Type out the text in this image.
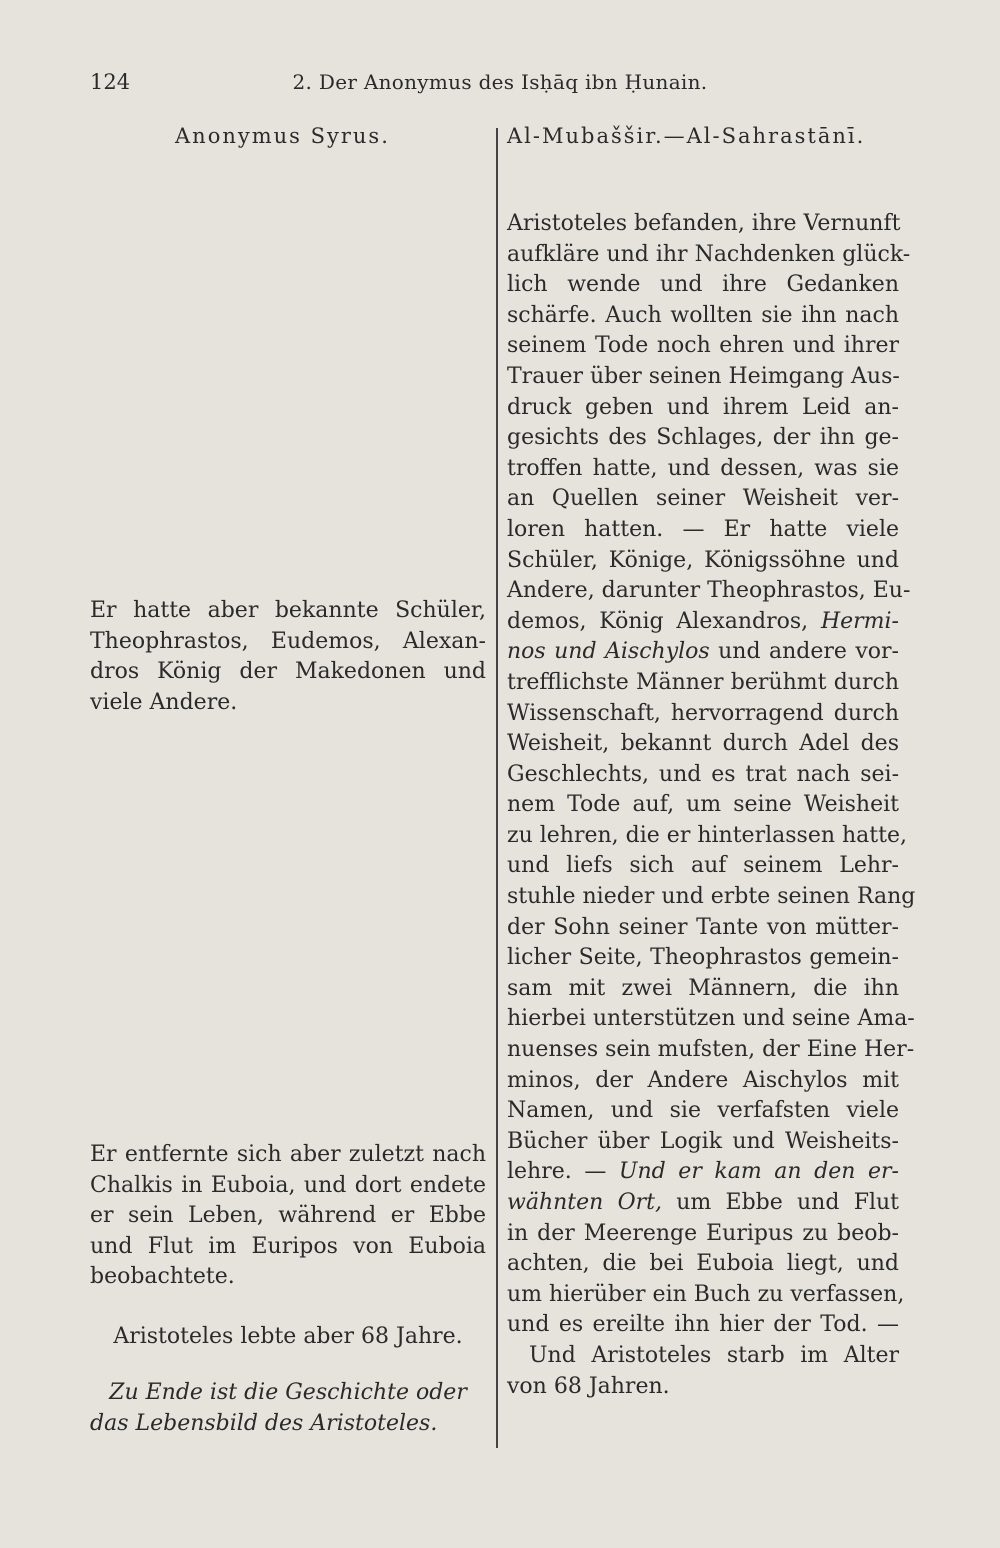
124	2. Der Anonymus des Isḥāq ibn Ḥunain.
Anonymus Syrus.	Al-Mubaššir.—Al-Sahrastānī.
Aristoteles befanden, ihre Vernunft
aufkläre und ihr Nachdenken glück-
lich wende und ihre Gedanken
schärfe. Auch wollten sie ihn nach
seinem Tode noch ehren und ihrer
Trauer über seinen Heimgang Aus-
druck geben und ihrem Leid an-
gesichts des Schlages, der ihn ge-
troffen hatte, und dessen, was sie
an Quellen seiner Weisheit ver-
loren hatten. — Er hatte viele
Schüler, Könige, Königssöhne und
Andere, darunter Theophrastos, Eu-
demos, König Alexandros, Hermi-
nos und Aischylos und andere vor-
trefflichste Männer berühmt durch
Wissenschaft, hervorragend durch
Weisheit, bekannt durch Adel des
Geschlechts, und es trat nach sei-
nem Tode auf, um seine Weisheit
zu lehren, die er hinterlassen hatte,
und liefs sich auf seinem Lehr-
stuhle nieder und erbte seinen Rang
der Sohn seiner Tante von mütter-
licher Seite, Theophrastos gemein-
sam mit zwei Männern, die ihn
hierbei unterstützen und seine Ama-
nuenses sein mufsten, der Eine Her-
minos, der Andere Aischylos mit
Namen, und sie verfafsten viele
Bücher über Logik und Weisheits-
lehre. — Und er kam an den er-
wähnten Ort, um Ebbe und Flut
in der Meerenge Euripus zu beob-
achten, die bei Euboia liegt, und
um hierüber ein Buch zu verfassen,
und es ereilte ihn hier der Tod. —
Und Aristoteles starb im Alter
von 68 Jahren.
Er hatte aber bekannte Schüler,
Theophrastos, Eudemos, Alexan-
dros König der Makedonen und
viele Andere.
Er entfernte sich aber zuletzt nach
Chalkis in Euboia, und dort endete
er sein Leben, während er Ebbe
und Flut im Euripos von Euboia
beobachtete.
Aristoteles lebte aber 68 Jahre.
Zu Ende ist die Geschichte oder
das Lebensbild des Aristoteles.
